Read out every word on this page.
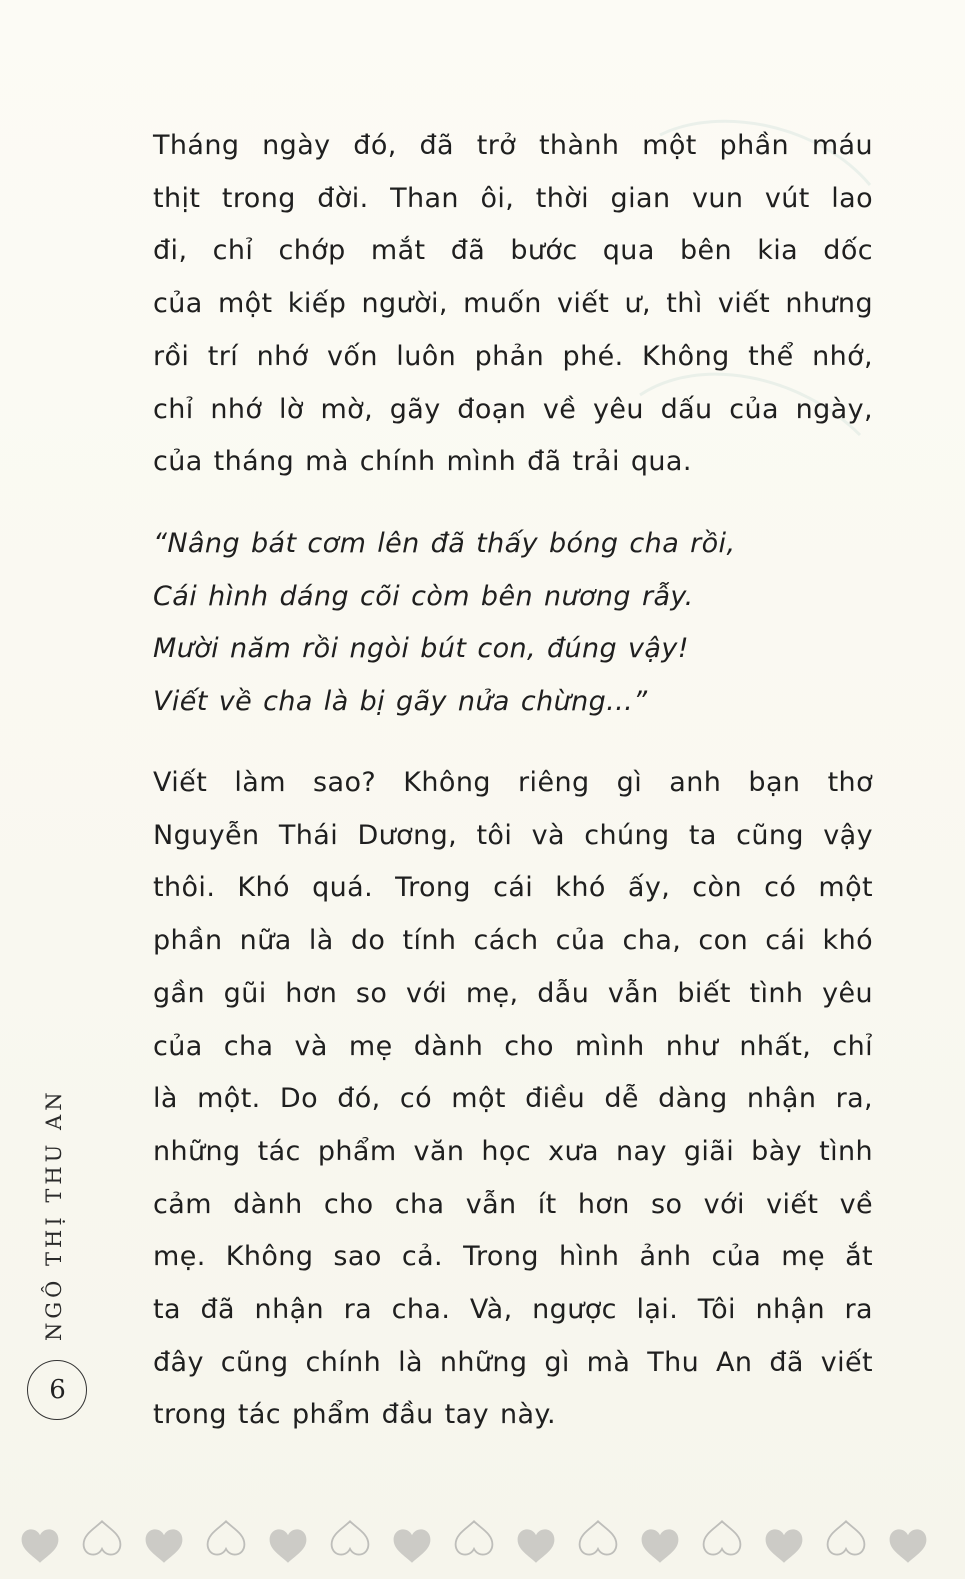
Tháng ngày đó, đã trở thành một phần máu
thịt trong đời. Than ôi, thời gian vun vút lao
đi, chỉ chớp mắt đã bước qua bên kia dốc
của một kiếp người, muốn viết ư, thì viết nhưng
rồi trí nhớ vốn luôn phản phé. Không thể nhớ,
chỉ nhớ lờ mờ, gãy đoạn về yêu dấu của ngày,
của tháng mà chính mình đã trải qua.
“Nâng bát cơm lên đã thấy bóng cha rồi,
Cái hình dáng cõi còm bên nương rẫy.
Mười năm rồi ngòi bút con, đúng vậy!
Viết về cha là bị gãy nửa chừng...”
Viết làm sao? Không riêng gì anh bạn thơ
Nguyễn Thái Dương, tôi và chúng ta cũng vậy
thôi. Khó quá. Trong cái khó ấy, còn có một
phần nữa là do tính cách của cha, con cái khó
gần gũi hơn so với mẹ, dẫu vẫn biết tình yêu
của cha và mẹ dành cho mình như nhất, chỉ
là một. Do đó, có một điều dễ dàng nhận ra,
những tác phẩm văn học xưa nay giãi bày tình
cảm dành cho cha vẫn ít hơn so với viết về
mẹ. Không sao cả. Trong hình ảnh của mẹ ắt
ta đã nhận ra cha. Và, ngược lại. Tôi nhận ra
đây cũng chính là những gì mà Thu An đã viết
trong tác phẩm đầu tay này.
NGÔ THỊ THU AN
6
